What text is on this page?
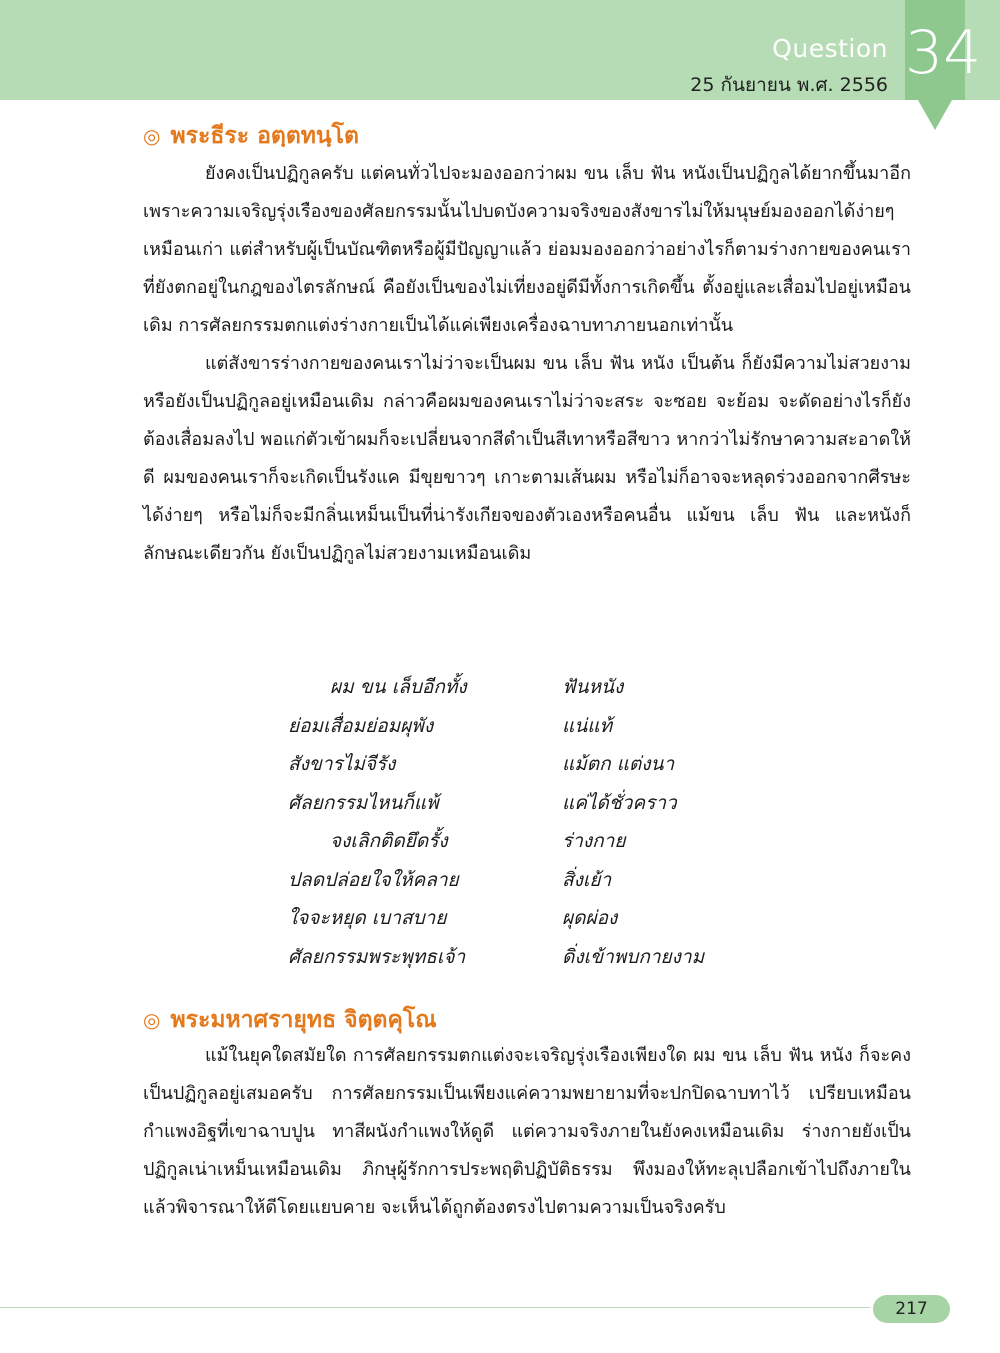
Question
25 กันยายน พ.ศ. 2556 34
◎ พระธีระ อตฺตทนฺโต

ยังคงเป็นปฏิกูลครับ แต่คนทั่วไปจะมองออกว่าผม ขน เล็บ ฟัน หนังเป็นปฏิกูลได้ยากขึ้นมาอีก เพราะความเจริญรุ่งเรืองของศัลยกรรมนั้นไปบดบังความจริงของสังขารไม่ให้มนุษย์มองออกได้ง่ายๆ เหมือนเก่า แต่สำหรับผู้เป็นบัณฑิตหรือผู้มีปัญญาแล้ว ย่อมมองออกว่าอย่างไรก็ตามร่างกายของคนเราที่ยังตกอยู่ในกฎของไตรลักษณ์ คือยังเป็นของไม่เที่ยงอยู่ดีมีทั้งการเกิดขึ้น ตั้งอยู่และเสื่อมไปอยู่เหมือนเดิม การศัลยกรรมตกแต่งร่างกายเป็นได้แค่เพียงเครื่องฉาบทาภายนอกเท่านั้น

แต่สังขารร่างกายของคนเราไม่ว่าจะเป็นผม ขน เล็บ ฟัน หนัง เป็นต้น ก็ยังมีความไม่สวยงามหรือยังเป็นปฏิกูลอยู่เหมือนเดิม กล่าวคือผมของคนเราไม่ว่าจะสระ จะซอย จะย้อม จะดัดอย่างไรก็ยังต้องเสื่อมลงไป พอแก่ตัวเข้าผมก็จะเปลี่ยนจากสีดำเป็นสีเทาหรือสีขาว หากว่าไม่รักษาความสะอาดให้ดี ผมของคนเราก็จะเกิดเป็นรังแค มีขุยขาวๆ เกาะตามเส้นผม หรือไม่ก็อาจจะหลุดร่วงออกจากศีรษะได้ง่ายๆ หรือไม่ก็จะมีกลิ่นเหม็นเป็นที่น่ารังเกียจของตัวเองหรือคนอื่น แม้ขน เล็บ ฟัน และหนังก็ลักษณะเดียวกัน ยังเป็นปฏิกูลไม่สวยงามเหมือนเดิม

ผม ขน เล็บอีกทั้ง	ฟันหนัง
ย่อมเสื่อมย่อมผุพัง	แน่แท้
สังขารไม่จีรัง	แม้ตก แต่งนา
ศัลยกรรมไหนก็แพ้	แค่ได้ชั่วคราว
จงเลิกติดยึดรั้ง	ร่างกาย
ปลดปล่อยใจให้คลาย	สิ่งเย้า
ใจจะหยุด เบาสบาย	ผุดผ่อง
ศัลยกรรมพระพุทธเจ้า	ดิ่งเข้าพบกายงาม
◎ พระมหาศรายุทธ จิตฺตคุโณ

แม้ในยุคใดสมัยใด การศัลยกรรมตกแต่งจะเจริญรุ่งเรืองเพียงใด ผม ขน เล็บ ฟัน หนัง ก็จะคงเป็นปฏิกูลอยู่เสมอครับ การศัลยกรรมเป็นเพียงแค่ความพยายามที่จะปกปิดฉาบทาไว้ เปรียบเหมือนกำแพงอิฐที่เขาฉาบปูน ทาสีผนังกำแพงให้ดูดี แต่ความจริงภายในยังคงเหมือนเดิม ร่างกายยังเป็นปฏิกูลเน่าเหม็นเหมือนเดิม ภิกษุผู้รักการประพฤติปฏิบัติธรรม พึงมองให้ทะลุเปลือกเข้าไปถึงภายในแล้วพิจารณาให้ดีโดยแยบคาย จะเห็นได้ถูกต้องตรงไปตามความเป็นจริงครับ

217
